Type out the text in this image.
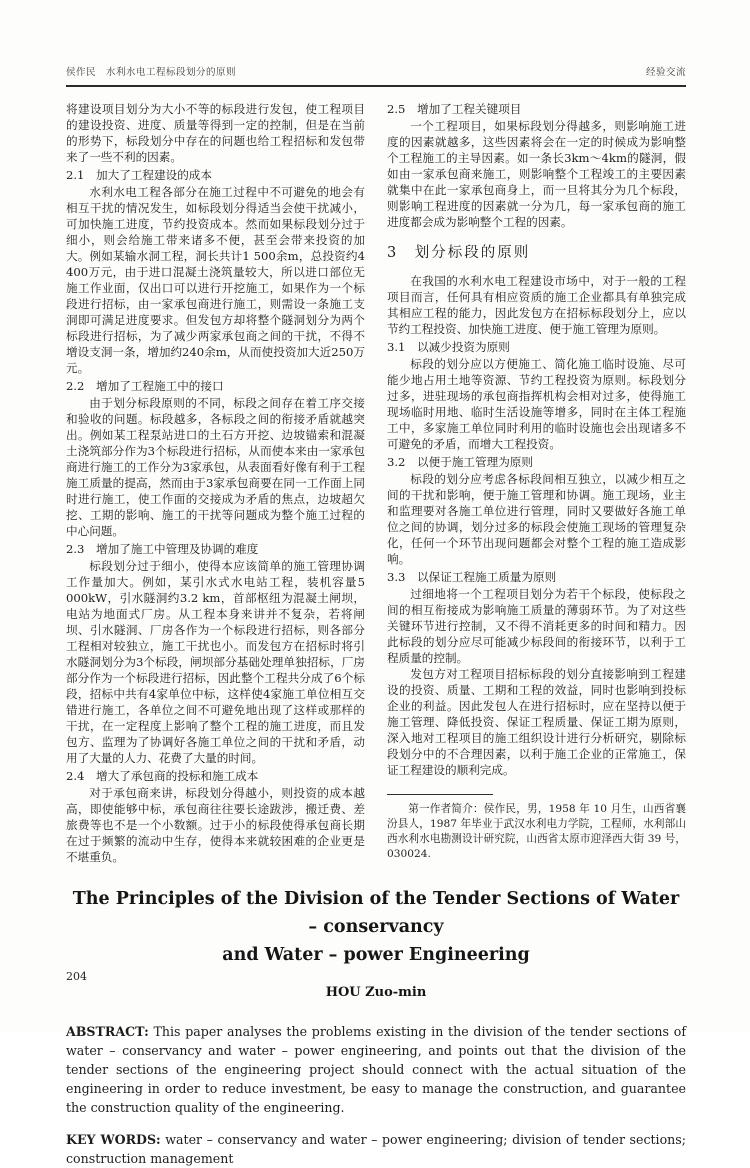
侯作民　水利水电工程标段划分的原则	经验交流

将建设项目划分为大小不等的标段进行发包，使工程项目的建设投资、进度、质量等得到一定的控制，但是在当前的形势下，标段划分中存在的问题也给工程招标和发包带来了一些不利的因素。

2.1　加大了工程建设的成本

水利水电工程各部分在施工过程中不可避免的地会有相互干扰的情况发生，如标段划分得适当会使干扰减小，可加快施工进度，节约投资成本。然而如果标段划分过于细小，则会给施工带来诸多不便，甚至会带来投资的加大。例如某输水洞工程，洞长共计1 500余m，总投资约4 400万元，由于进口混凝土浇筑量较大，所以进口部位无施工作业面，仅出口可以进行开挖施工，如果作为一个标段进行招标，由一家承包商进行施工，则需设一条施工支洞即可满足进度要求。但发包方却将整个隧洞划分为两个标段进行招标，为了减少两家承包商之间的干扰，不得不增设支洞一条，增加约240余m，从而使投资加大近250万元。

2.2　增加了工程施工中的接口

由于划分标段原则的不同，标段之间存在着工序交接和验收的问题。标段越多，各标段之间的衔接矛盾就越突出。例如某工程泵站进口的土石方开挖、边坡锚索和混凝土浇筑部分作为3个标段进行招标，从而使本来由一家承包商进行施工的工作分为3家承包，从表面看好像有利于工程施工质量的提高，然而由于3家承包商要在同一工作面上同时进行施工，使工作面的交接成为矛盾的焦点，边坡超欠挖、工期的影响、施工的干扰等问题成为整个施工过程的中心问题。

2.3　增加了施工中管理及协调的难度

标段划分过于细小，使得本应该简单的施工管理协调工作量加大。例如，某引水式水电站工程，装机容量5 000kW，引水隧洞约3.2 km，首部枢纽为混凝土闸坝，电站为地面式厂房。从工程本身来讲并不复杂，若将闸坝、引水隧洞、厂房各作为一个标段进行招标，则各部分工程相对较独立，施工干扰也小。而发包方在招标时将引水隧洞划分为3个标段，闸坝部分基础处理单独招标，厂房部分作为一个标段进行招标，因此整个工程共分成了6个标段，招标中共有4家单位中标，这样使4家施工单位相互交错进行施工，各单位之间不可避免地出现了这样或那样的干扰，在一定程度上影响了整个工程的施工进度，而且发包方、监理为了协调好各施工单位之间的干扰和矛盾，动用了大量的人力、花费了大量的时间。

2.4　增大了承包商的投标和施工成本

对于承包商来讲，标段划分得越小，则投资的成本越高，即使能够中标，承包商往往要长途跋涉，搬迁费、差旅费等也不是一个小数额。过于小的标段使得承包商长期在过于频繁的流动中生存，使得本来就较困难的企业更是不堪重负。

2.5　增加了工程关键项目

一个工程项目，如果标段划分得越多，则影响施工进度的因素就越多，这些因素将会在一定的时候成为影响整个工程施工的主导因素。如一条长3km～4km的隧洞，假如由一家承包商来施工，则影响整个工程竣工的主要因素就集中在此一家承包商身上，而一旦将其分为几个标段，则影响工程进度的因素就一分为几，每一家承包商的施工进度都会成为影响整个工程的因素。

3　划分标段的原则

在我国的水利水电工程建设市场中，对于一般的工程项目而言，任何具有相应资质的施工企业都具有单独完成其相应工程的能力，因此发包方在招标标段划分上，应以节约工程投资、加快施工进度、便于施工管理为原则。

3.1　以减少投资为原则

标段的划分应以方便施工、简化施工临时设施、尽可能少地占用土地等资源、节约工程投资为原则。标段划分过多，进驻现场的承包商指挥机构会相对过多，使得施工现场临时用地、临时生活设施等增多，同时在主体工程施工中，多家施工单位同时利用的临时设施也会出现诸多不可避免的矛盾，而增大工程投资。

3.2　以便于施工管理为原则

标段的划分应考虑各标段间相互独立，以减少相互之间的干扰和影响，便于施工管理和协调。施工现场，业主和监理要对各施工单位进行管理，同时又要做好各施工单位之间的协调，划分过多的标段会使施工现场的管理复杂化，任何一个环节出现问题都会对整个工程的施工造成影响。

3.3　以保证工程施工质量为原则

过细地将一个工程项目划分为若干个标段，使标段之间的相互衔接成为影响施工质量的薄弱环节。为了对这些关键环节进行控制，又不得不消耗更多的时间和精力。因此标段的划分应尽可能减少标段间的衔接环节，以利于工程质量的控制。

发包方对工程项目招标标段的划分直接影响到工程建设的投资、质量、工期和工程的效益，同时也影响到投标企业的利益。因此发包人在进行招标时，应在坚持以便于施工管理、降低投资、保证工程质量、保证工期为原则，深入地对工程项目的施工组织设计进行分析研究，剔除标段划分中的不合理因素，以利于施工企业的正常施工，保证工程建设的顺利完成。

第一作者简介：侯作民，男，1958 年 10 月生，山西省襄汾县人，1987 年毕业于武汉水利电力学院，工程师，水利部山西水利水电勘测设计研究院，山西省太原市迎泽西大街 39 号，030024.
The Principles of the Division of the Tender Sections of Water – conservancy
and Water – power Engineering
HOU Zuo-min

ABSTRACT: This paper analyses the problems existing in the division of the tender sections of water – conservancy and water – power engineering, and points out that the division of the tender sections of the engineering project should connect with the actual situation of the engineering in order to reduce investment, be easy to manage the construction, and guarantee the construction quality of the engineering.

KEY WORDS: water – conservancy and water – power engineering; division of tender sections; construction management

204
